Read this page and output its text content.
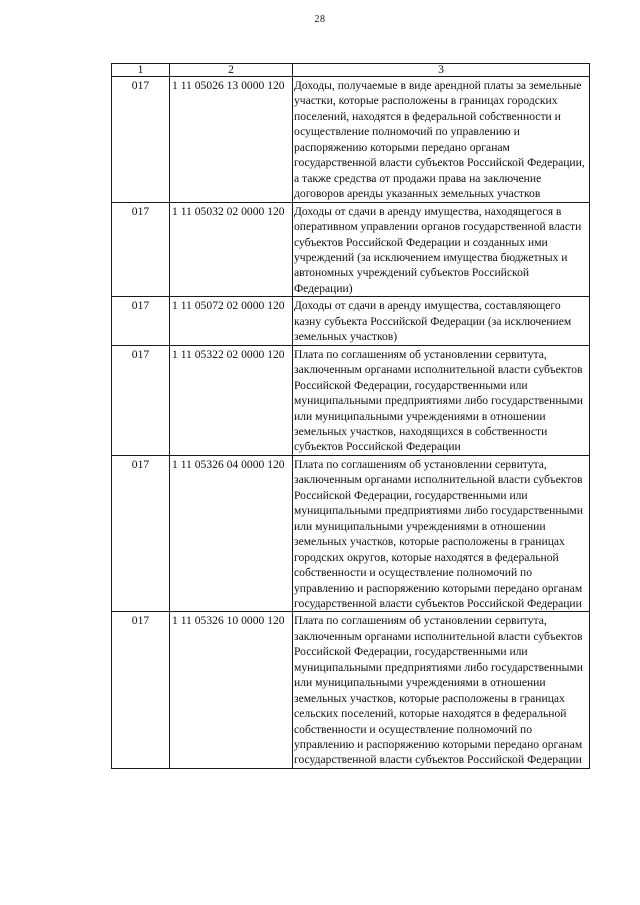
28
1	2	3
017	1 11 05026 13 0000 120	Доходы, получаемые в виде арендной платы за земельные участки, которые расположены в границах городских поселений, находятся в федеральной собственности и осуществление полномочий по управлению и распоряжению которыми передано органам государственной власти субъектов Российской Федерации, а также средства от продажи права на заключение договоров аренды указанных земельных участков
017	1 11 05032 02 0000 120	Доходы от сдачи в аренду имущества, находящегося в оперативном управлении органов государственной власти субъектов Российской Федерации и созданных ими учреждений (за исключением имущества бюджетных и автономных учреждений субъектов Российской Федерации)
017	1 11 05072 02 0000 120	Доходы от сдачи в аренду имущества, составляющего казну субъекта Российской Федерации (за исключением земельных участков)
017	1 11 05322 02 0000 120	Плата по соглашениям об установлении сервитута, заключенным органами исполнительной власти субъектов Российской Федерации, государственными или муниципальными предприятиями либо государственными или муниципальными учреждениями в отношении земельных участков, находящихся в собственности субъектов Российской Федерации
017	1 11 05326 04 0000 120	Плата по соглашениям об установлении сервитута, заключенным органами исполнительной власти субъектов Российской Федерации, государственными или муниципальными предприятиями либо государственными или муниципальными учреждениями в отношении земельных участков, которые расположены в границах городских округов, которые находятся в федеральной собственности и осуществление полномочий по управлению и распоряжению которыми передано органам государственной власти субъектов Российской Федерации
017	1 11 05326 10 0000 120	Плата по соглашениям об установлении сервитута, заключенным органами исполнительной власти субъектов Российской Федерации, государственными или муниципальными предприятиями либо государственными или муниципальными учреждениями в отношении земельных участков, которые расположены в границах сельских поселений, которые находятся в федеральной собственности и осуществление полномочий по управлению и распоряжению которыми передано органам государственной власти субъектов Российской Федерации
